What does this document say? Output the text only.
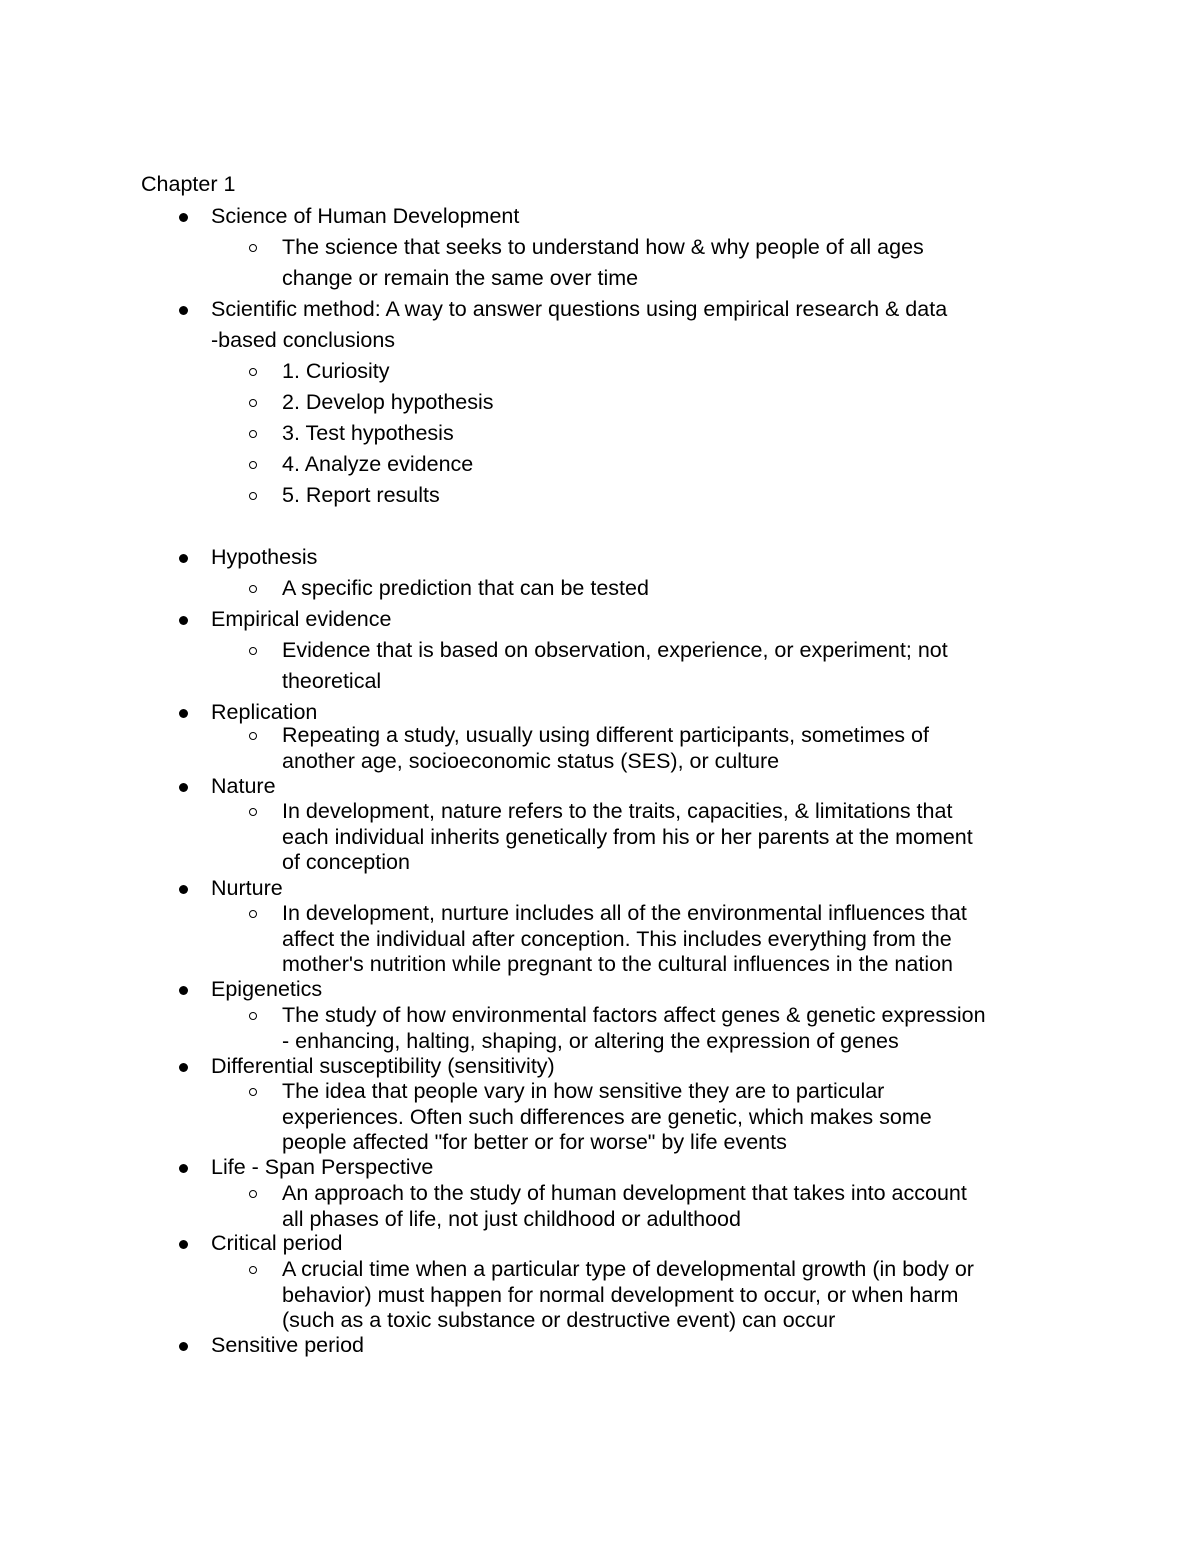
Chapter 1
Science of Human Development
The science that seeks to understand how & why people of all ages
change or remain the same over time
Scientific method: A way to answer questions using empirical research & data
-based conclusions
1. Curiosity
2. Develop hypothesis
3. Test hypothesis
4. Analyze evidence
5. Report results
Hypothesis
A specific prediction that can be tested
Empirical evidence
Evidence that is based on observation, experience, or experiment; not
theoretical
Replication
Repeating a study, usually using different participants, sometimes of
another age, socioeconomic status (SES), or culture
Nature
In development, nature refers to the traits, capacities, & limitations that
each individual inherits genetically from his or her parents at the moment
of conception
Nurture
In development, nurture includes all of the environmental influences that
affect the individual after conception. This includes everything from the
mother's nutrition while pregnant to the cultural influences in the nation
Epigenetics
The study of how environmental factors affect genes & genetic expression
- enhancing, halting, shaping, or altering the expression of genes
Differential susceptibility (sensitivity)
The idea that people vary in how sensitive they are to particular
experiences. Often such differences are genetic, which makes some
people affected "for better or for worse" by life events
Life - Span Perspective
An approach to the study of human development that takes into account
all phases of life, not just childhood or adulthood
Critical period
A crucial time when a particular type of developmental growth (in body or
behavior) must happen for normal development to occur, or when harm
(such as a toxic substance or destructive event) can occur
Sensitive period
